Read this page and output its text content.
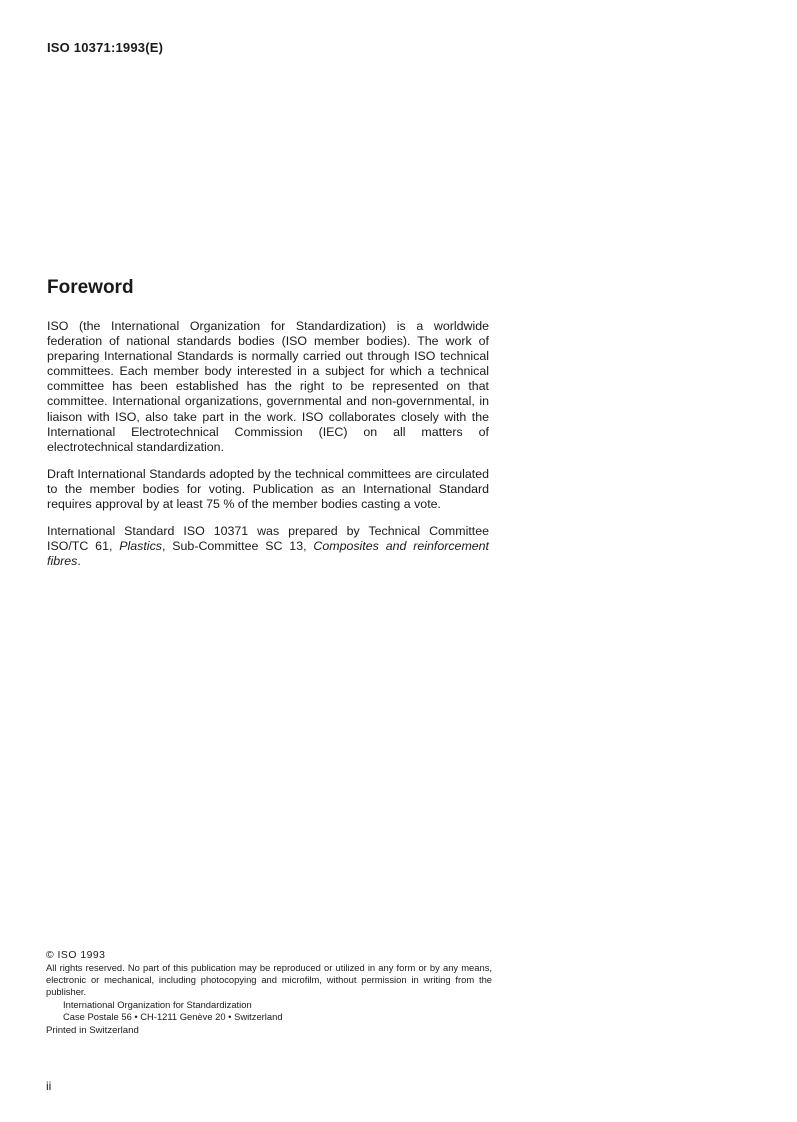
ISO 10371:1993(E)
Foreword

ISO (the International Organization for Standardization) is a worldwide federation of national standards bodies (ISO member bodies). The work of preparing International Standards is normally carried out through ISO technical committees. Each member body interested in a subject for which a technical committee has been established has the right to be represented on that committee. International organizations, governmental and non-governmental, in liaison with ISO, also take part in the work. ISO collaborates closely with the International Electrotechnical Commission (IEC) on all matters of electrotechnical standardization.

Draft International Standards adopted by the technical committees are circulated to the member bodies for voting. Publication as an International Standard requires approval by at least 75 % of the member bodies casting a vote.

International Standard ISO 10371 was prepared by Technical Committee ISO/TC 61, Plastics, Sub-Committee SC 13, Composites and reinforcement fibres.

© ISO 1993
All rights reserved. No part of this publication may be reproduced or utilized in any form or by any means, electronic or mechanical, including photocopying and microfilm, without permission in writing from the publisher.
International Organization for Standardization
Case Postale 56 • CH-1211 Genève 20 • Switzerland
Printed in Switzerland
ii
